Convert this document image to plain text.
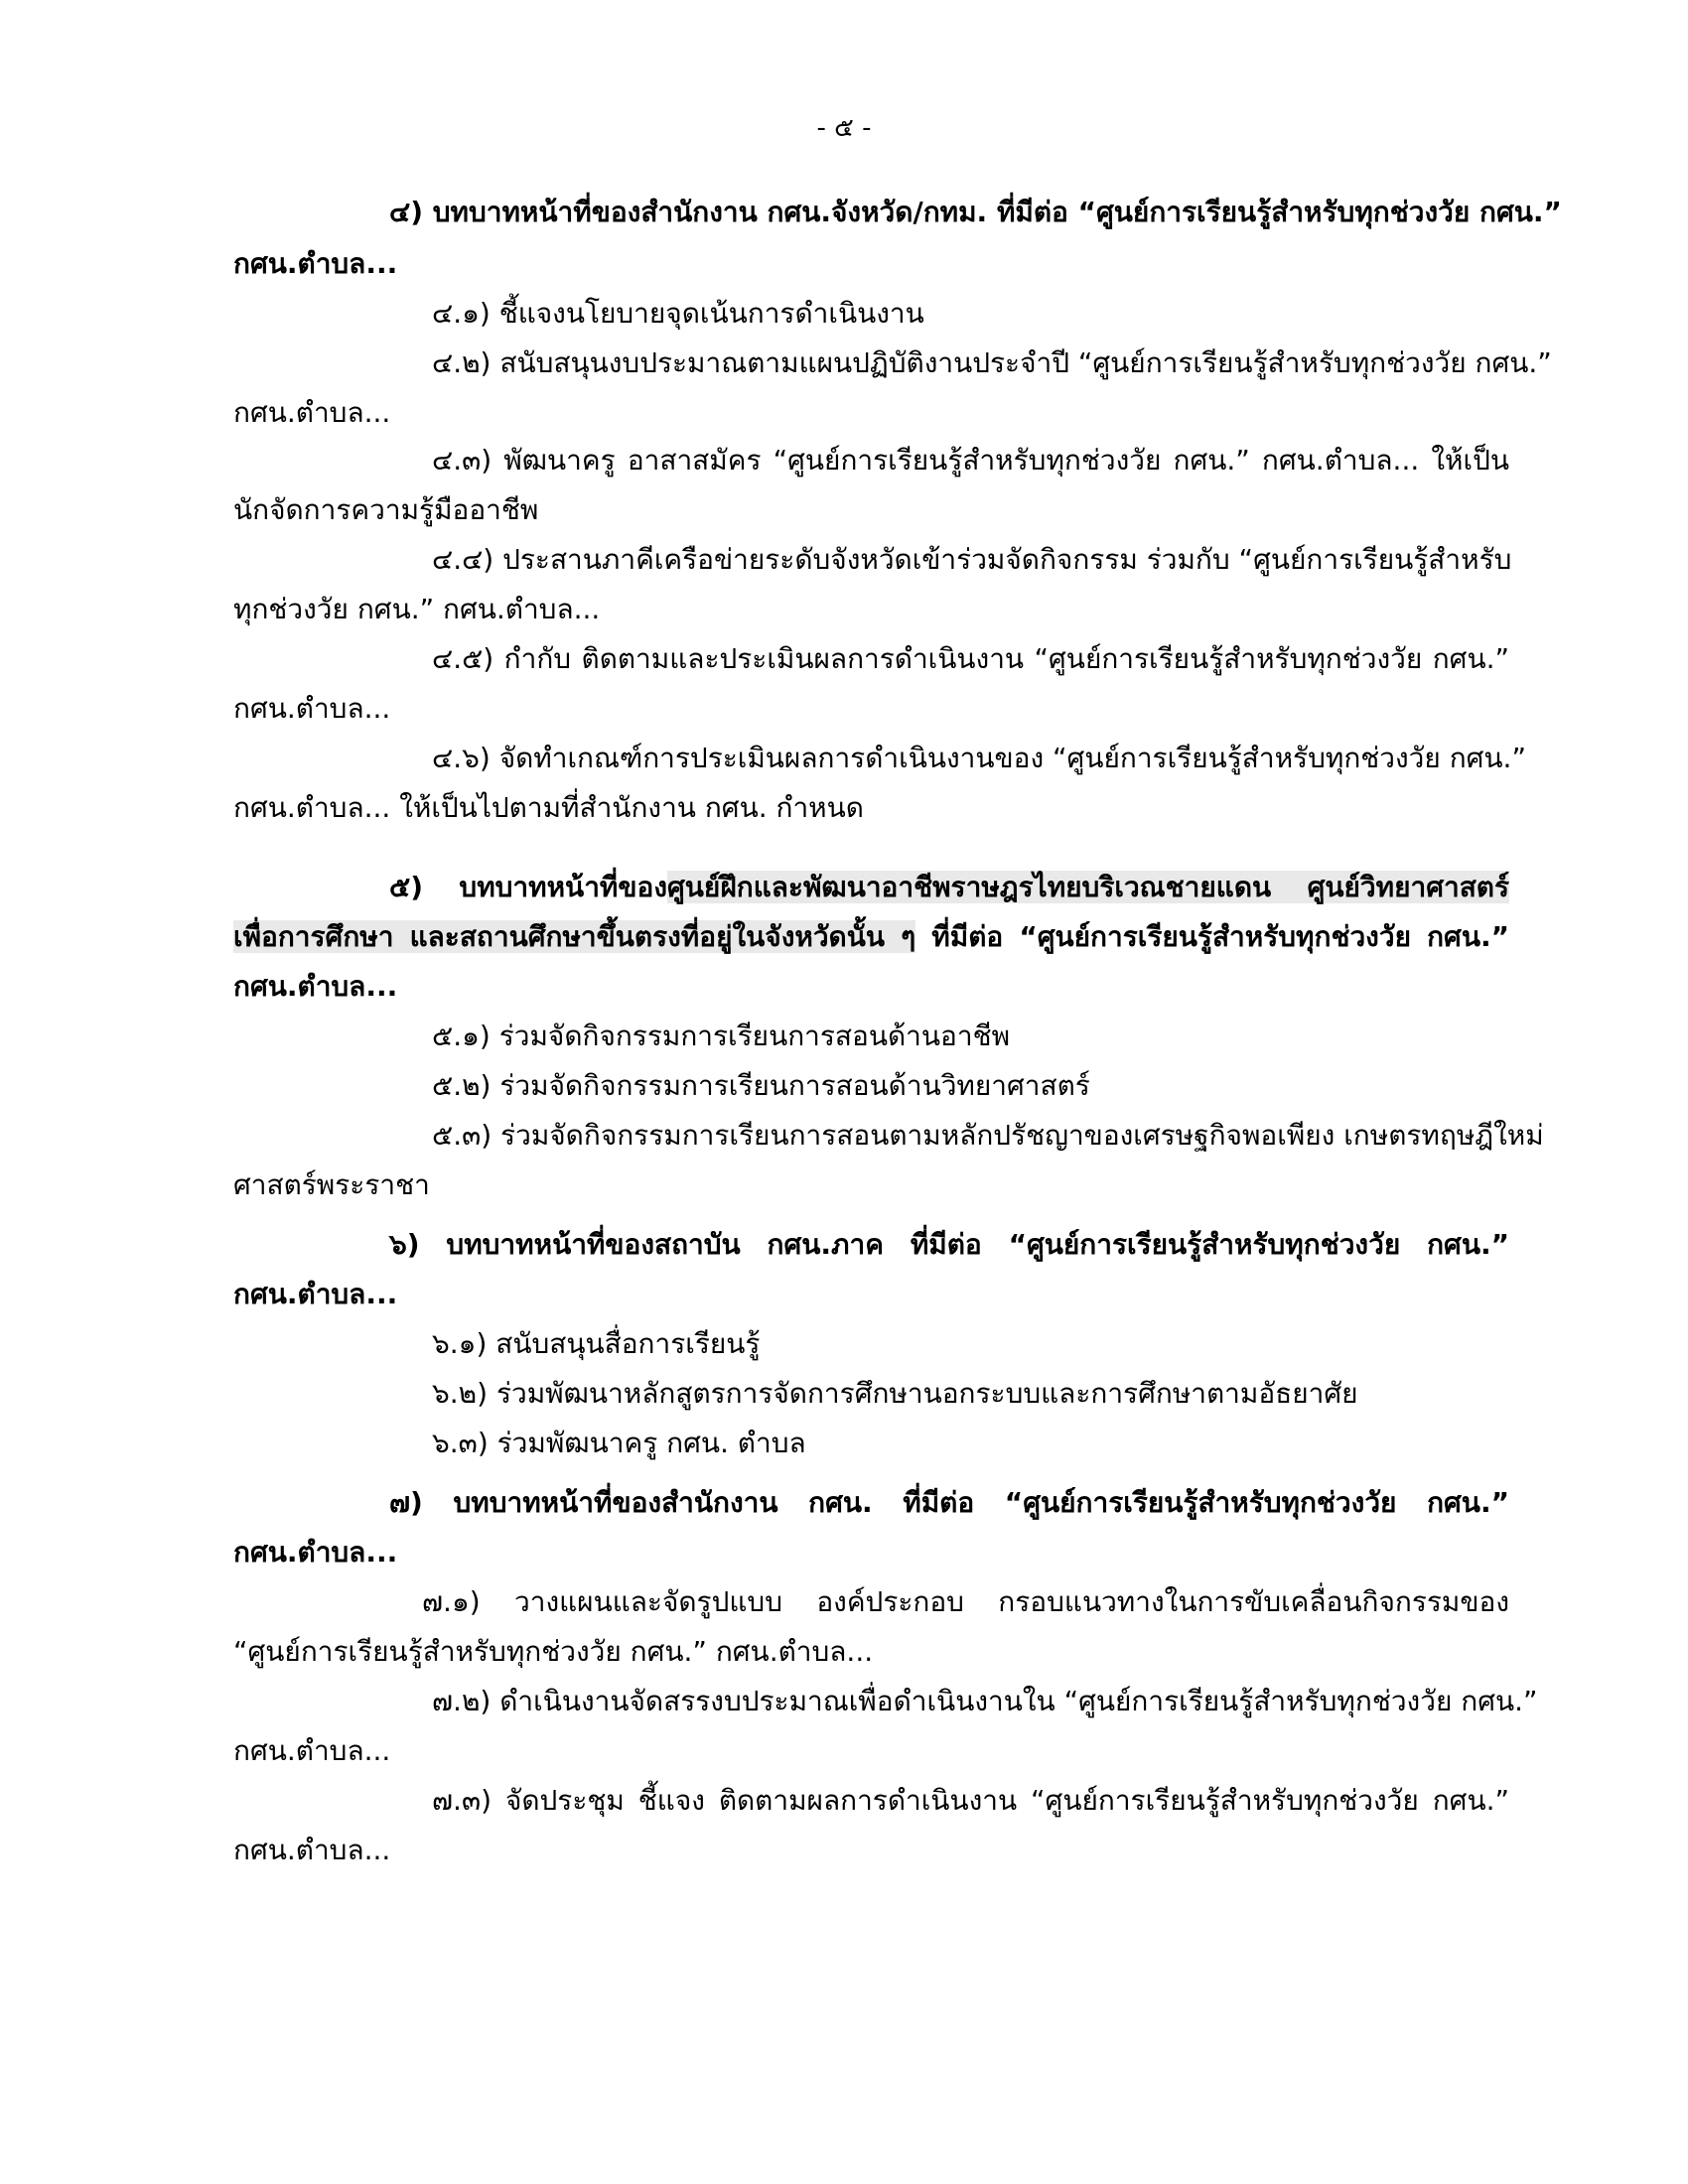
- ๕ -
๔) บทบาทหน้าที่ของสำนักงาน กศน.จังหวัด/กทม. ที่มีต่อ “ศูนย์การเรียนรู้สำหรับทุกช่วงวัย กศน.”
กศน.ตำบล...
๔.๑) ชี้แจงนโยบายจุดเน้นการดำเนินงาน
๔.๒) สนับสนุนงบประมาณตามแผนปฏิบัติงานประจำปี “ศูนย์การเรียนรู้สำหรับทุกช่วงวัย กศน.”
กศน.ตำบล...
๔.๓) พัฒนาครู อาสาสมัคร “ศูนย์การเรียนรู้สำหรับทุกช่วงวัย กศน.” กศน.ตำบล... ให้เป็น
นักจัดการความรู้มืออาชีพ
๔.๔) ประสานภาคีเครือข่ายระดับจังหวัดเข้าร่วมจัดกิจกรรม ร่วมกับ “ศูนย์การเรียนรู้สำหรับ
ทุกช่วงวัย กศน.” กศน.ตำบล...
๔.๕) กำกับ ติดตามและประเมินผลการดำเนินงาน “ศูนย์การเรียนรู้สำหรับทุกช่วงวัย กศน.”
กศน.ตำบล...
๔.๖) จัดทำเกณฑ์การประเมินผลการดำเนินงานของ “ศูนย์การเรียนรู้สำหรับทุกช่วงวัย กศน.”
กศน.ตำบล... ให้เป็นไปตามที่สำนักงาน กศน. กำหนด
๕) บทบาทหน้าที่ของศูนย์ฝึกและพัฒนาอาชีพราษฎรไทยบริเวณชายแดน ศูนย์วิทยาศาสตร์
เพื่อการศึกษา และสถานศึกษาขึ้นตรงที่อยู่ในจังหวัดนั้น ๆ ที่มีต่อ “ศูนย์การเรียนรู้สำหรับทุกช่วงวัย กศน.”
กศน.ตำบล...
๕.๑) ร่วมจัดกิจกรรมการเรียนการสอนด้านอาชีพ
๕.๒) ร่วมจัดกิจกรรมการเรียนการสอนด้านวิทยาศาสตร์
๕.๓) ร่วมจัดกิจกรรมการเรียนการสอนตามหลักปรัชญาของเศรษฐกิจพอเพียง เกษตรทฤษฎีใหม่
ศาสตร์พระราชา
๖) บทบาทหน้าที่ของสถาบัน กศน.ภาค ที่มีต่อ “ศูนย์การเรียนรู้สำหรับทุกช่วงวัย กศน.”
กศน.ตำบล...
๖.๑) สนับสนุนสื่อการเรียนรู้
๖.๒) ร่วมพัฒนาหลักสูตรการจัดการศึกษานอกระบบและการศึกษาตามอัธยาศัย
๖.๓) ร่วมพัฒนาครู กศน. ตำบล
๗) บทบาทหน้าที่ของสำนักงาน กศน. ที่มีต่อ “ศูนย์การเรียนรู้สำหรับทุกช่วงวัย กศน.”
กศน.ตำบล...
๗.๑) วางแผนและจัดรูปแบบ องค์ประกอบ กรอบแนวทางในการขับเคลื่อนกิจกรรมของ
“ศูนย์การเรียนรู้สำหรับทุกช่วงวัย กศน.” กศน.ตำบล...
๗.๒) ดำเนินงานจัดสรรงบประมาณเพื่อดำเนินงานใน “ศูนย์การเรียนรู้สำหรับทุกช่วงวัย กศน.”
กศน.ตำบล...
๗.๓) จัดประชุม ชี้แจง ติดตามผลการดำเนินงาน “ศูนย์การเรียนรู้สำหรับทุกช่วงวัย กศน.”
กศน.ตำบล...
